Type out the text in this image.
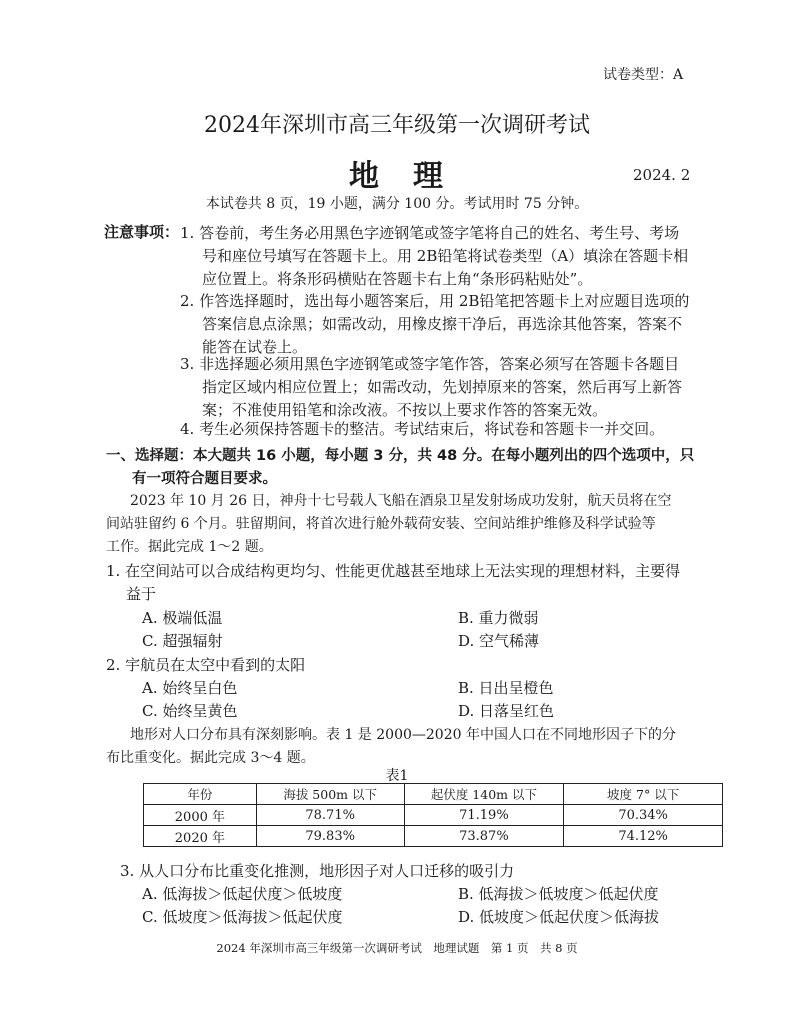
试卷类型：A
2024年深圳市高三年级第一次调研考试
地　理	2024. 2
本试卷共 8 页，19 小题，满分 100 分。考试用时 75 分钟。
注意事项： 1. 答卷前，考生务必用黑色字迹钢笔或签字笔将自己的姓名、考生号、考场
号和座位号填写在答题卡上。用 2B铅笔将试卷类型（A）填涂在答题卡相
应位置上。将条形码横贴在答题卡右上角“条形码粘贴处”。
2. 作答选择题时，选出每小题答案后，用 2B铅笔把答题卡上对应题目选项的
答案信息点涂黑；如需改动，用橡皮擦干净后，再选涂其他答案，答案不
能答在试卷上。
3. 非选择题必须用黑色字迹钢笔或签字笔作答，答案必须写在答题卡各题目
指定区域内相应位置上；如需改动，先划掉原来的答案，然后再写上新答
案；不准使用铅笔和涂改液。不按以上要求作答的答案无效。
4. 考生必须保持答题卡的整洁。考试结束后，将试卷和答题卡一并交回。
一、选择题：本大题共 16 小题，每小题 3 分，共 48 分。在每小题列出的四个选项中，只
有一项符合题目要求。
2023 年 10 月 26 日，神舟十七号载人飞船在酒泉卫星发射场成功发射，航天员将在空
间站驻留约 6 个月。驻留期间，将首次进行舱外载荷安装、空间站维护维修及科学试验等
工作。据此完成 1～2 题。
1. 在空间站可以合成结构更均匀、性能更优越甚至地球上无法实现的理想材料，主要得
益于
A. 极端低温	B. 重力微弱
C. 超强辐射	D. 空气稀薄
2. 宇航员在太空中看到的太阳
A. 始终呈白色	B. 日出呈橙色
C. 始终呈黄色	D. 日落呈红色
地形对人口分布具有深刻影响。表 1 是 2000—2020 年中国人口在不同地形因子下的分
布比重变化。据此完成 3～4 题。
表1
年份	海拔 500m 以下	起伏度 140m 以下	坡度 7° 以下
2000 年	78.71%	71.19%	70.34%
2020 年	79.83%	73.87%	74.12%
3. 从人口分布比重变化推测，地形因子对人口迁移的吸引力
A. 低海拔＞低起伏度＞低坡度	B. 低海拔＞低坡度＞低起伏度
C. 低坡度＞低海拔＞低起伏度	D. 低坡度＞低起伏度＞低海拔
2024 年深圳市高三年级第一次调研考试　地理试题　第 1 页　共 8 页
